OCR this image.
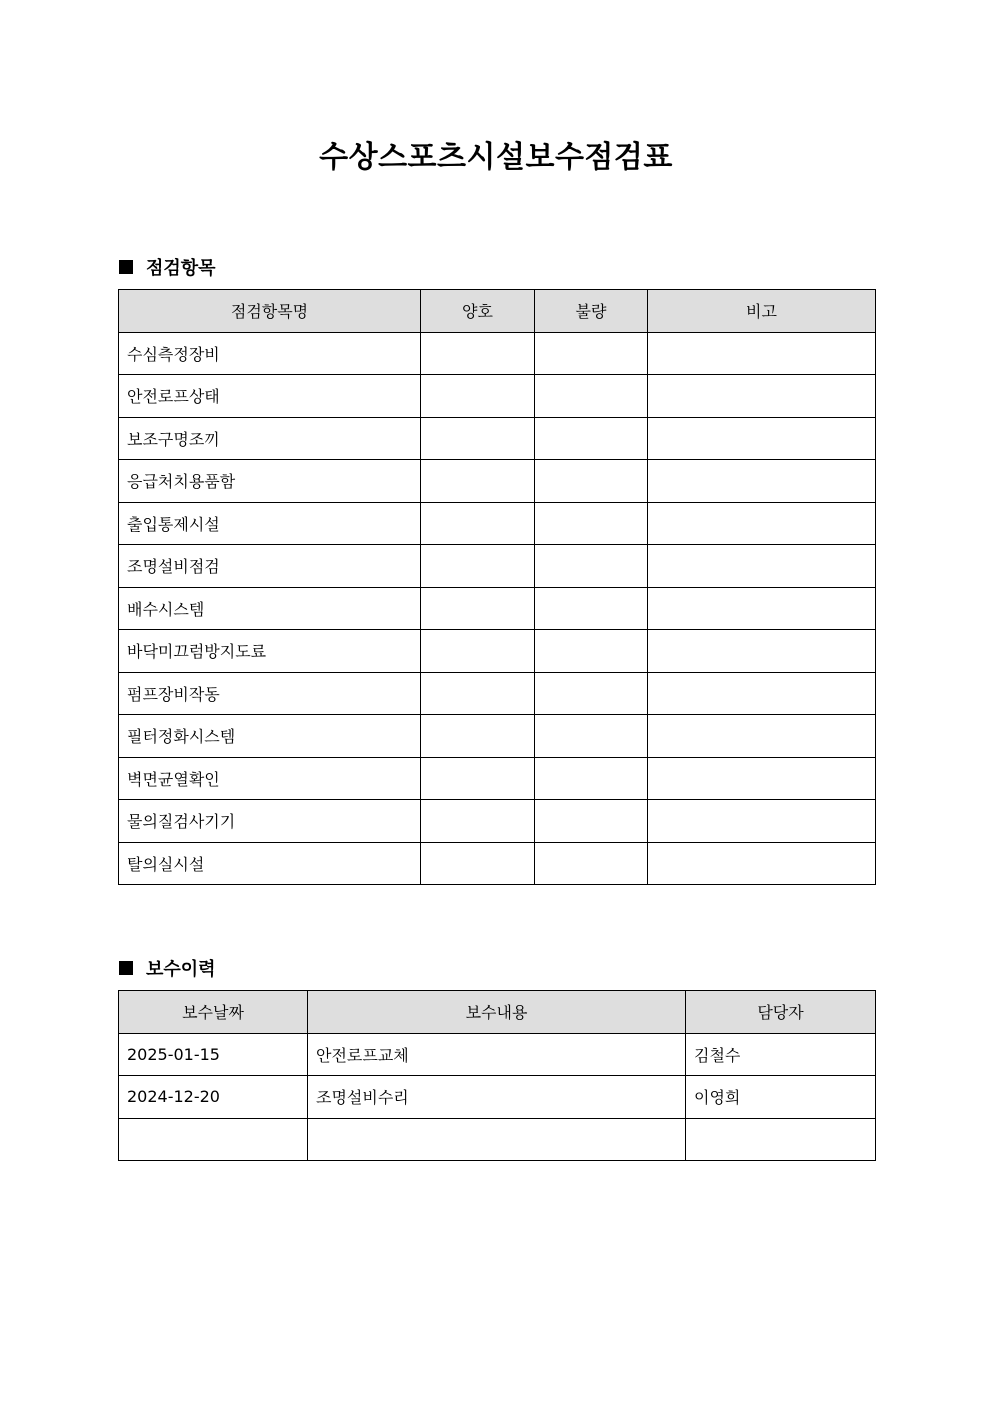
수상스포츠시설보수점검표
점검항목
점검항목명	양호	불량	비고
수심측정장비			
안전로프상태			
보조구명조끼			
응급처치용품함			
출입통제시설			
조명설비점검			
배수시스템			
바닥미끄럼방지도료			
펌프장비작동			
필터정화시스템			
벽면균열확인			
물의질검사기기			
탈의실시설			
보수이력
보수날짜	보수내용	담당자
2025-01-15	안전로프교체	김철수
2024-12-20	조명설비수리	이영희
